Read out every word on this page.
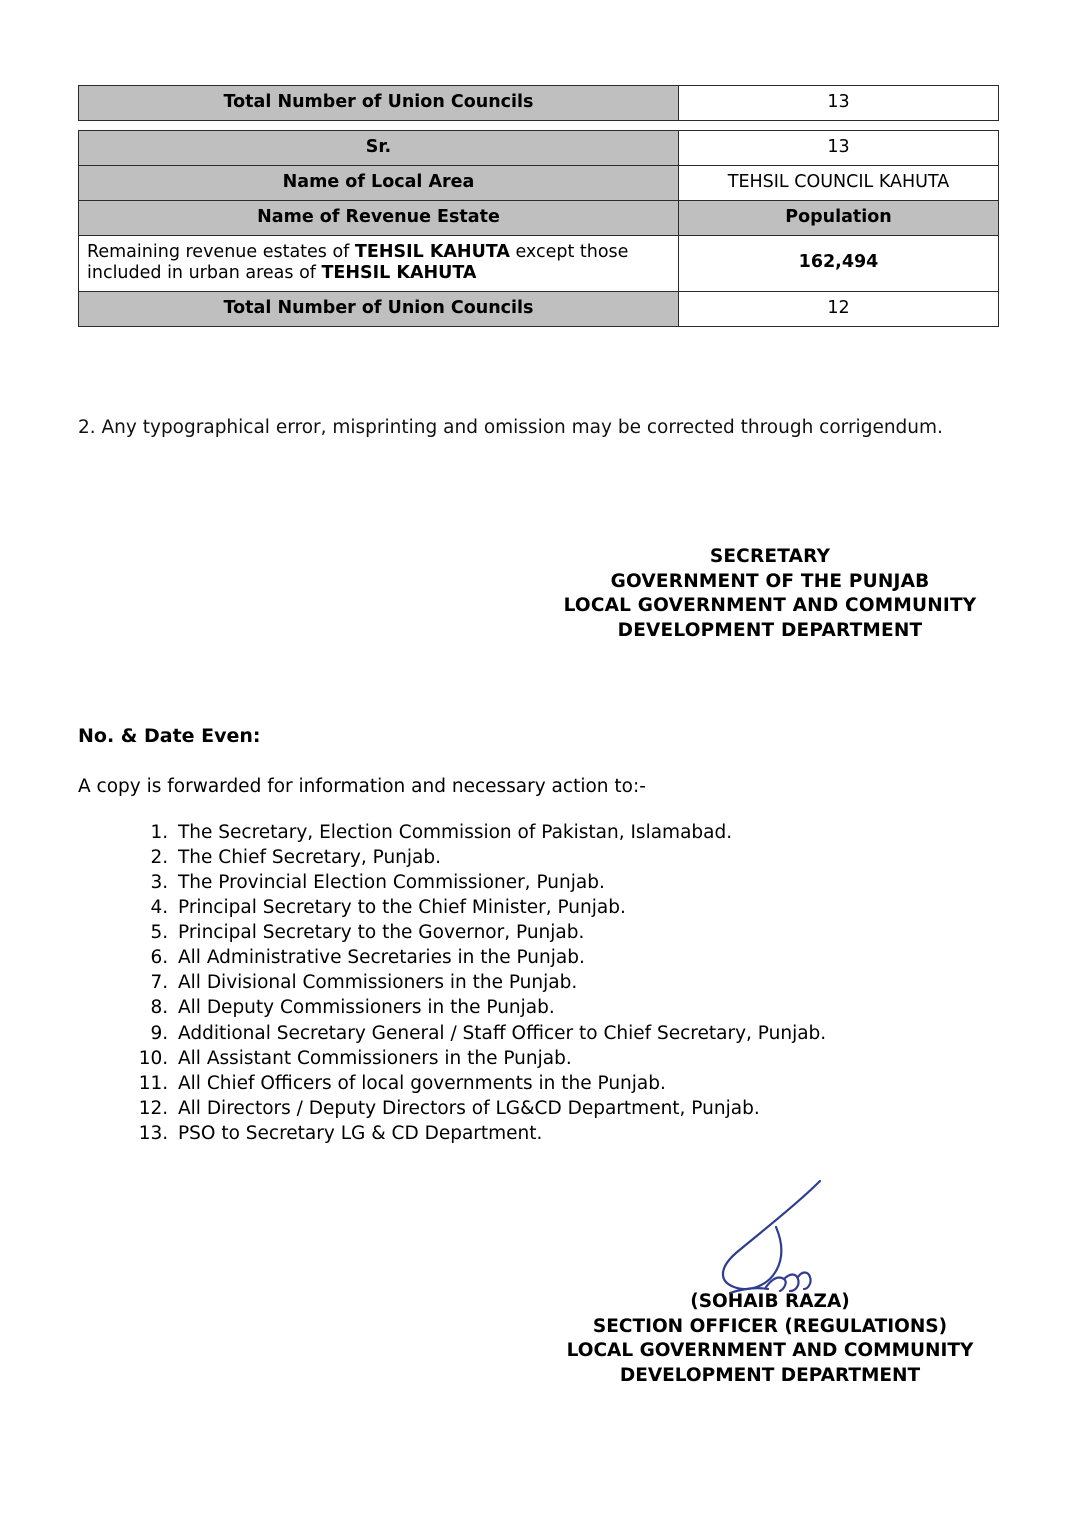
Total Number of Union Councils	13
Sr.	13
Name of Local Area	TEHSIL COUNCIL KAHUTA
Name of Revenue Estate	Population
Remaining revenue estates of TEHSIL KAHUTA except those included in urban areas of TEHSIL KAHUTA	162,494
Total Number of Union Councils	12
2. Any typographical error, misprinting and omission may be corrected through corrigendum.
SECRETARY
GOVERNMENT OF THE PUNJAB
LOCAL GOVERNMENT AND COMMUNITY
DEVELOPMENT DEPARTMENT
No. & Date Even:
A copy is forwarded for information and necessary action to:-
1. The Secretary, Election Commission of Pakistan, Islamabad.
2. The Chief Secretary, Punjab.
3. The Provincial Election Commissioner, Punjab.
4. Principal Secretary to the Chief Minister, Punjab.
5. Principal Secretary to the Governor, Punjab.
6. All Administrative Secretaries in the Punjab.
7. All Divisional Commissioners in the Punjab.
8. All Deputy Commissioners in the Punjab.
9. Additional Secretary General / Staff Officer to Chief Secretary, Punjab.
10. All Assistant Commissioners in the Punjab.
11. All Chief Officers of local governments in the Punjab.
12. All Directors / Deputy Directors of LG&CD Department, Punjab.
13. PSO to Secretary LG & CD Department.
(SOHAIB RAZA)
SECTION OFFICER (REGULATIONS)
LOCAL GOVERNMENT AND COMMUNITY
DEVELOPMENT DEPARTMENT
